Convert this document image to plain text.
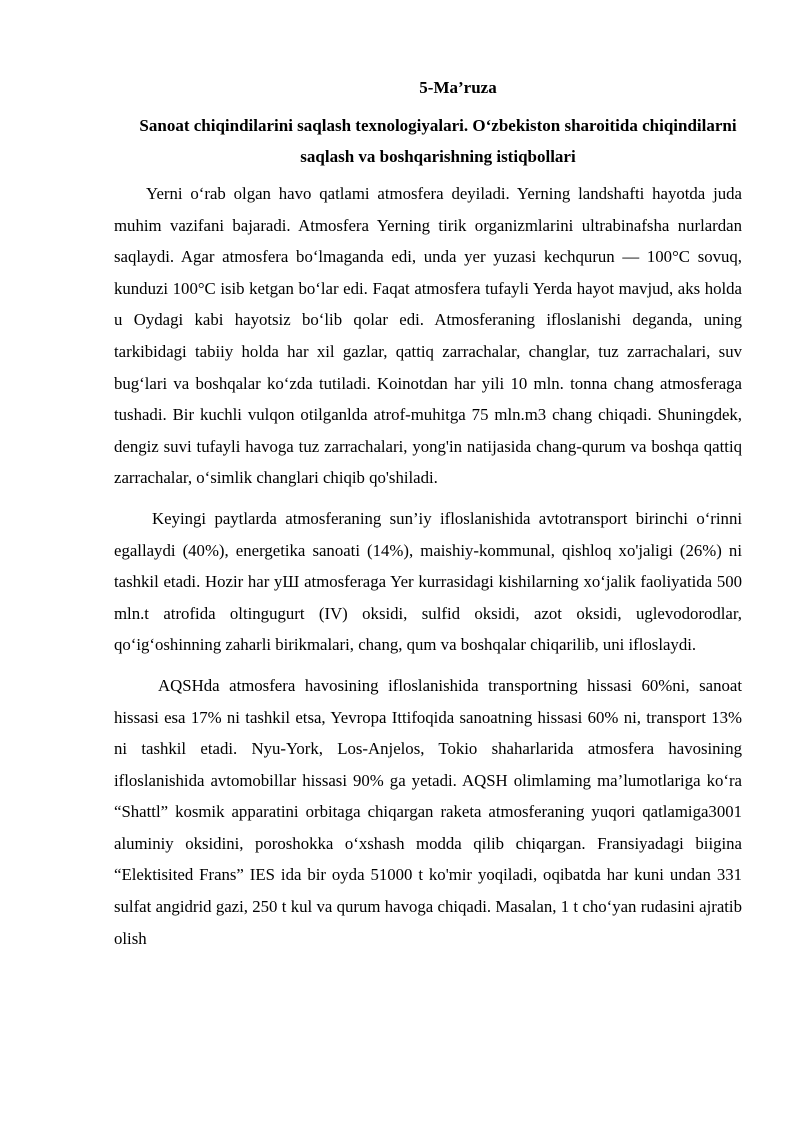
5-Ma’ruza
Sanoat chiqindilarini saqlash texnologiyalari. O‘zbekiston sharoitida chiqindilarni saqlash va boshqarishning istiqbollari

Yerni o‘rab olgan havo qatlami atmosfera deyiladi. Yerning landshafti hayotda juda muhim vazifani bajaradi. Atmosfera Yerning tirik organizmlarini ultrabinafsha nurlardan saqlaydi. Agar atmosfera bo‘lmaganda edi, unda yer yuzasi kechqurun — 100°C sovuq, kunduzi 100°C isib ketgan bo‘lar edi. Faqat atmosfera tufayli Yerda hayot mavjud, aks holda u Oydagi kabi hayotsiz bo‘lib qolar edi. Atmosferaning ifloslanishi deganda, uning tarkibidagi tabiiy holda har xil gazlar, qattiq zarrachalar, changlar, tuz zarrachalari, suv bug‘lari va boshqalar ko‘zda tutiladi. Koinotdan har yili 10 mln. tonna chang atmosferaga tushadi. Bir kuchli vulqon otilganlda atrof-muhitga 75 mln.m3 chang chiqadi. Shuningdek, dengiz suvi tufayli havoga tuz zarrachalari, yong'in natijasida chang-qurum va boshqa qattiq zarrachalar, o‘simlik changlari chiqib qo'shiladi.

Keyingi paytlarda atmosferaning sun’iy ifloslanishida avtotransport birinchi o‘rinni egallaydi (40%), energetika sanoati (14%), maishiy-kommunal, qishloq xo'jaligi (26%) ni tashkil etadi. Hozir har уШ atmosferaga Yer kurrasidagi kishilarning xo‘jalik faoliyatida 500 mln.t atrofida oltingugurt (IV) oksidi, sulfid oksidi, azot oksidi, uglevodorodlar, qo‘ig‘oshinning zaharli birikmalari, chang, qum va boshqalar chiqarilib, uni ifloslaydi.

AQSHda atmosfera havosining ifloslanishida transportning hissasi 60%ni, sanoat hissasi esa 17% ni tashkil etsa, Yevropa Ittifoqida sanoatning hissasi 60% ni, transport 13% ni tashkil etadi. Nyu-York, Los-Anjelos, Tokio shaharlarida atmosfera havosining ifloslanishida avtomobillar hissasi 90% ga yetadi. AQSH olimlaming ma’lumotlariga ko‘ra “Shattl” kosmik apparatini orbitaga chiqargan raketa atmosferaning yuqori qatlamiga3001 aluminiy oksidini, poroshokka o‘xshash modda qilib chiqargan. Fransiyadagi biigina “Elektisited Frans” IES ida bir oyda 51000 t ko'mir yoqiladi, oqibatda har kuni undan 331 sulfat angidrid gazi, 250 t kul va qurum havoga chiqadi. Masalan, 1 t cho‘yan rudasini ajratib olish
